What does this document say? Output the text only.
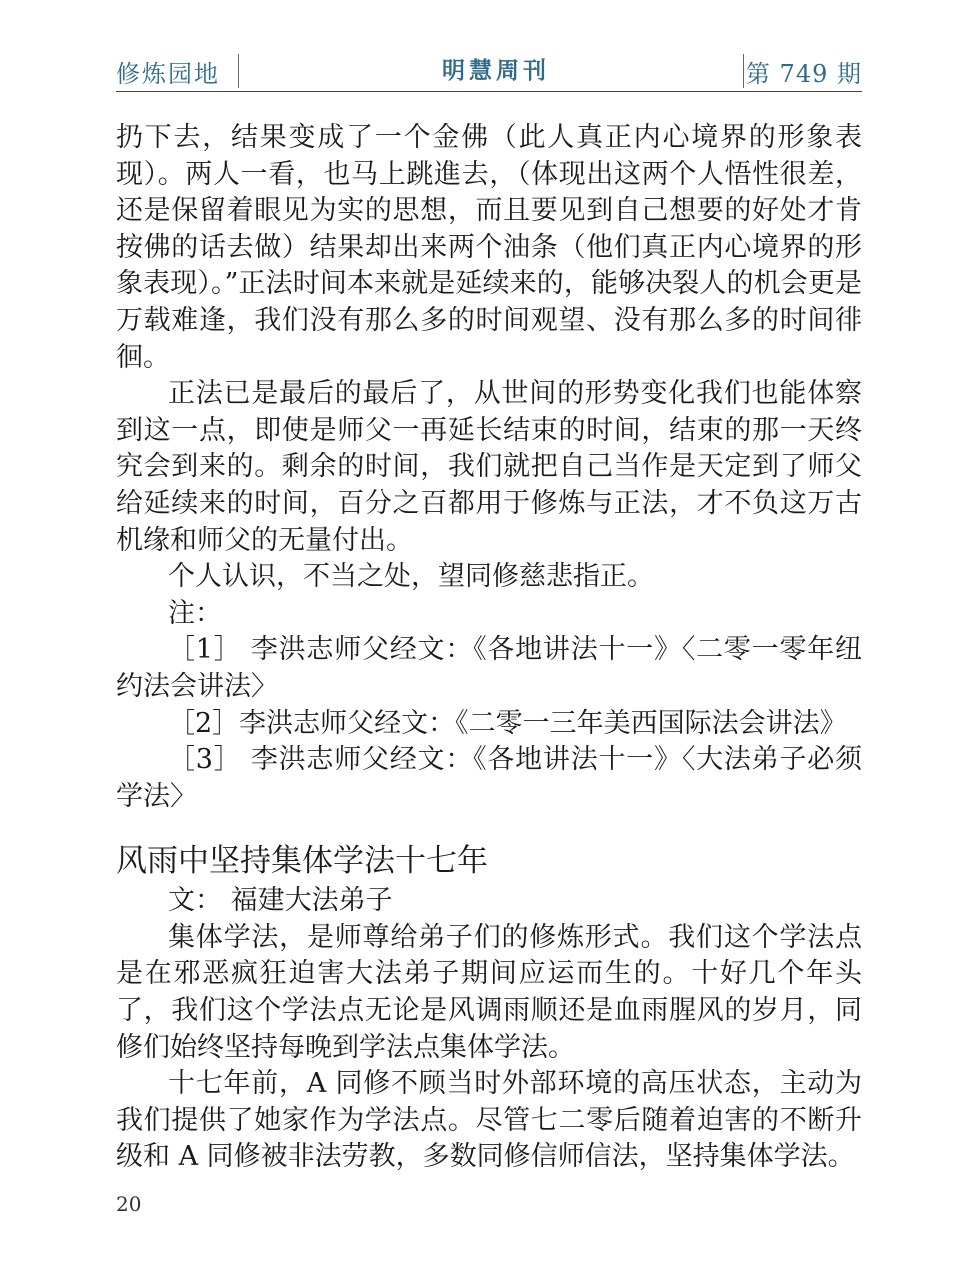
修炼园地	明慧周刊	第 749 期

扔下去，结果变成了一个金佛（此人真正内心境界的形象表现）。两人一看，也马上跳進去，（体现出这两个人悟性很差，还是保留着眼见为实的思想，而且要见到自己想要的好处才肯按佛的话去做）结果却出来两个油条（他们真正内心境界的形象表现）。”正法时间本来就是延续来的，能够决裂人的机会更是万载难逢，我们没有那么多的时间观望、没有那么多的时间徘徊。

正法已是最后的最后了，从世间的形势变化我们也能体察到这一点，即使是师父一再延长结束的时间，结束的那一天终究会到来的。剩余的时间，我们就把自己当作是天定到了师父给延续来的时间，百分之百都用于修炼与正法，才不负这万古机缘和师父的无量付出。

个人认识，不当之处，望同修慈悲指正。

注：

［1］ 李洪志师父经文：《各地讲法十一》〈二零一零年纽约法会讲法〉

［2］李洪志师父经文：《二零一三年美西国际法会讲法》

［3］ 李洪志师父经文：《各地讲法十一》〈大法弟子必须学法〉

风雨中坚持集体学法十七年

文： 福建大法弟子

集体学法，是师尊给弟子们的修炼形式。我们这个学法点是在邪恶疯狂迫害大法弟子期间应运而生的。十好几个年头了，我们这个学法点无论是风调雨顺还是血雨腥风的岁月，同修们始终坚持每晚到学法点集体学法。

十七年前，A 同修不顾当时外部环境的高压状态，主动为我们提供了她家作为学法点。尽管七二零后随着迫害的不断升级和 A 同修被非法劳教，多数同修信师信法，坚持集体学法。

20
